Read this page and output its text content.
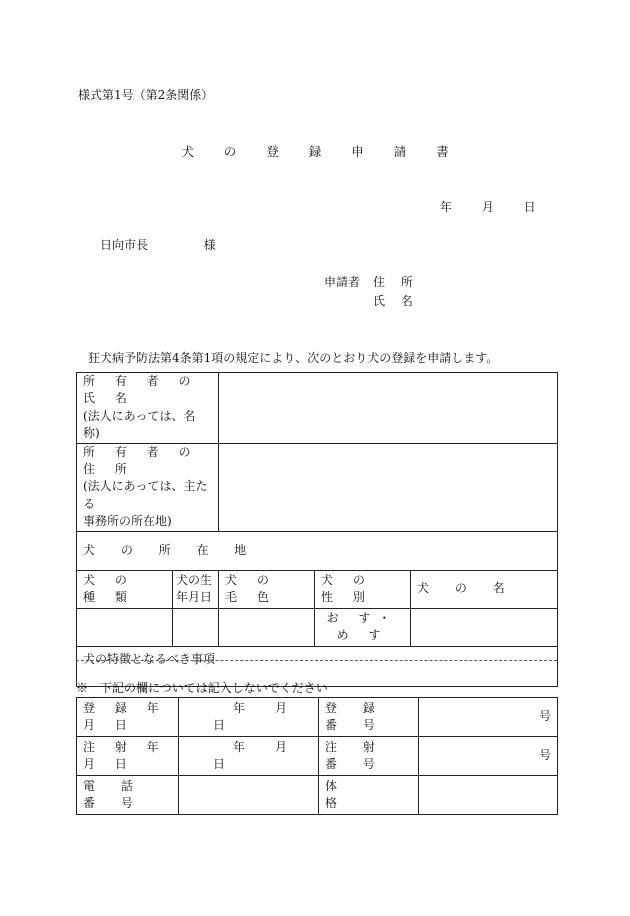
様式第1号（第2条関係）
犬 の 登 録 申 請 書
年 月 日
日向市長	様
申請者 住 所
氏 名
狂犬病予防法第4条第1項の規定により、次のとおり犬の登録を申請します。
所 有 者 の 氏 名
(法人にあっては、名称)				

所 有 者 の 住 所
(法人にあっては、主たる
事務所の所在地)				

犬 の 所 在 地				
犬 の 種 類	犬の生年月日	犬 の 毛 色	犬 の 性 別	犬 の 名
			お す・め す	
犬の特徴となるべき事項				
※　下記の欄については記入しないでください
登 録 年 月 日	年 月日	登 録 番 号	号
注 射 年 月 日	年 月日	注 射 番 号	号
電 話 番 号		体 格	
